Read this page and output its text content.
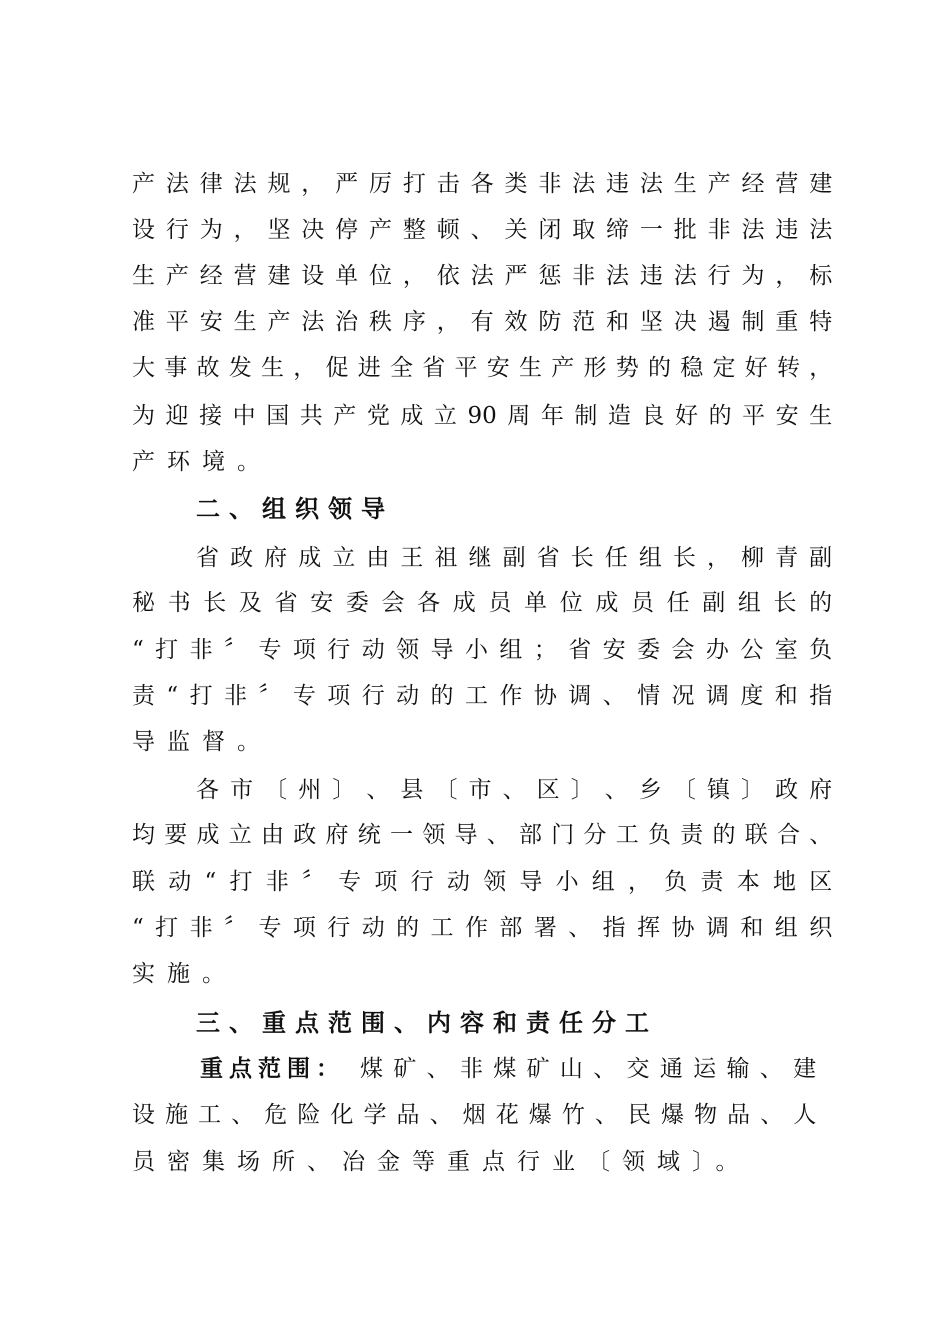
产法律法规，严厉打击各类非法违法生产经营建
设行为，坚决停产整顿、关闭取缔一批非法违法
生产经营建设单位，依法严惩非法违法行为，标
准平安生产法治秩序，有效防范和坚决遏制重特
大事故发生，促进全省平安生产形势的稳定好转，
为迎接中国共产党成立90周年制造良好的平安生
产环境。
二、组织领导
省政府成立由王祖继副省长任组长，柳青副
秘书长及省安委会各成员单位成员任副组长的
“打非〞专项行动领导小组；省安委会办公室负
责“打非〞专项行动的工作协调、情况调度和指
导监督。
各市〔州〕、县〔市、区〕、乡〔镇〕政府
均要成立由政府统一领导、部门分工负责的联合、
联动“打非〞专项行动领导小组，负责本地区
“打非〞专项行动的工作部署、指挥协调和组织
实施。
三、重点范围、内容和责任分工
重点范围： 煤矿、非煤矿山、交通运输、建
设施工、危险化学品、烟花爆竹、民爆物品、人
员密集场所、冶金等重点行业〔领域〕。
